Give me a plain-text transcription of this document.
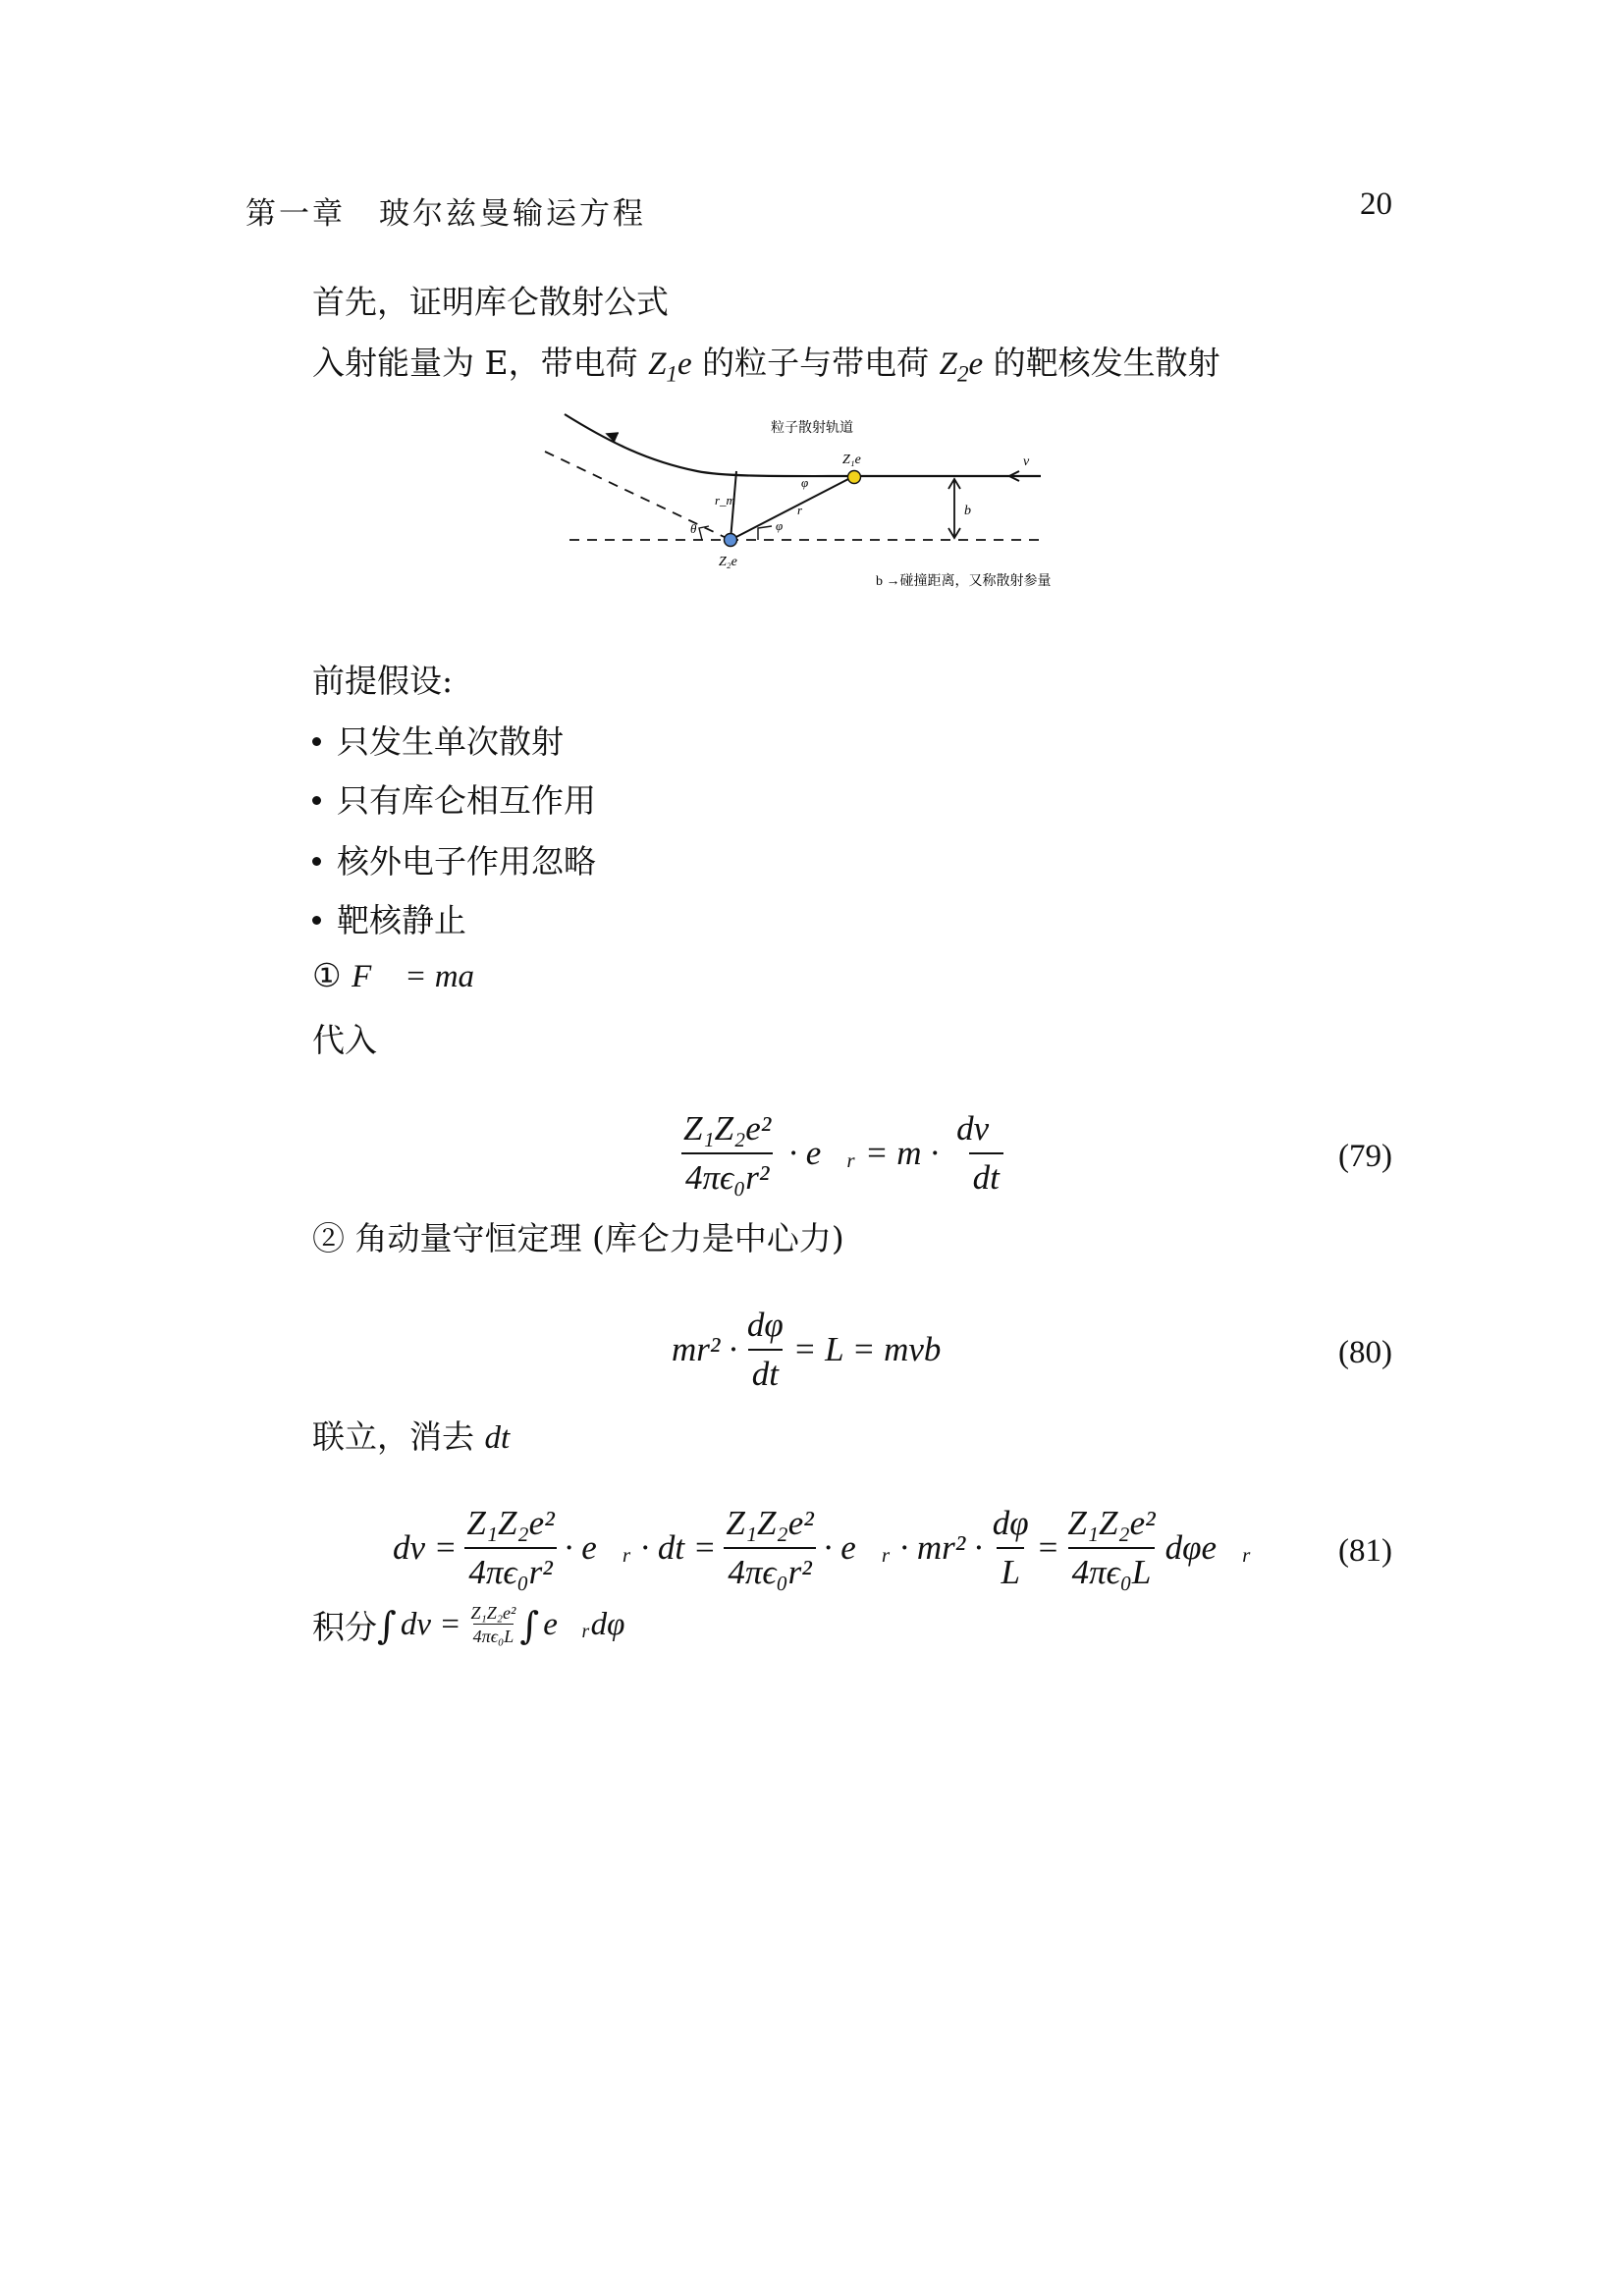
第一章　玻尔兹曼输运方程	20
首先，证明库仑散射公式
入射能量为 E，带电荷 $Z_1e$ 的粒子与带电荷 $Z_2e$ 的靶核发生散射
粒子散射轨道
Z₁e
Z₂e
v
b
r_m
r
φ
φ
θ
b →碰撞距离，又称散射参量
前提假设:
只发生单次散射
只有库仑相互作用
核外电子作用忽略
靶核静止
① F⃗ = ma⃗
代入
$\frac{\text{Z₁Z₂e²}}{\text{4πϵ₀r²}}$ · e⃗ᵣ = $m \cdot \frac{dv⃗}{dt}$	(79)
② 角动量守恒定理 (库仑力是中心力)
$mr^2 \cdot \frac{d\varphi}{dt} = L$ = mvb	(80)
联立，消去 dt
dv = $\frac{\text{Z₁Z₂e²}}{\text{4πϵ₀r²}}$ · e⃗ᵣ · dt = $\frac{\text{Z₁Z₂e²}}{\text{4πϵ₀r²}}$ · e⃗ᵣ · $mr^2 \cdot \frac{d\varphi}{L} = \frac{\text{Z₁Z₂e²}}{\text{4πϵ₀L}}$ dφe⃗ᵣ	(81)
积分 ∫ dv = $\frac{\text{Z₁Z₂e²}}{\text{4πϵ₀L}}$ ∫ e⃗ᵣdφ
